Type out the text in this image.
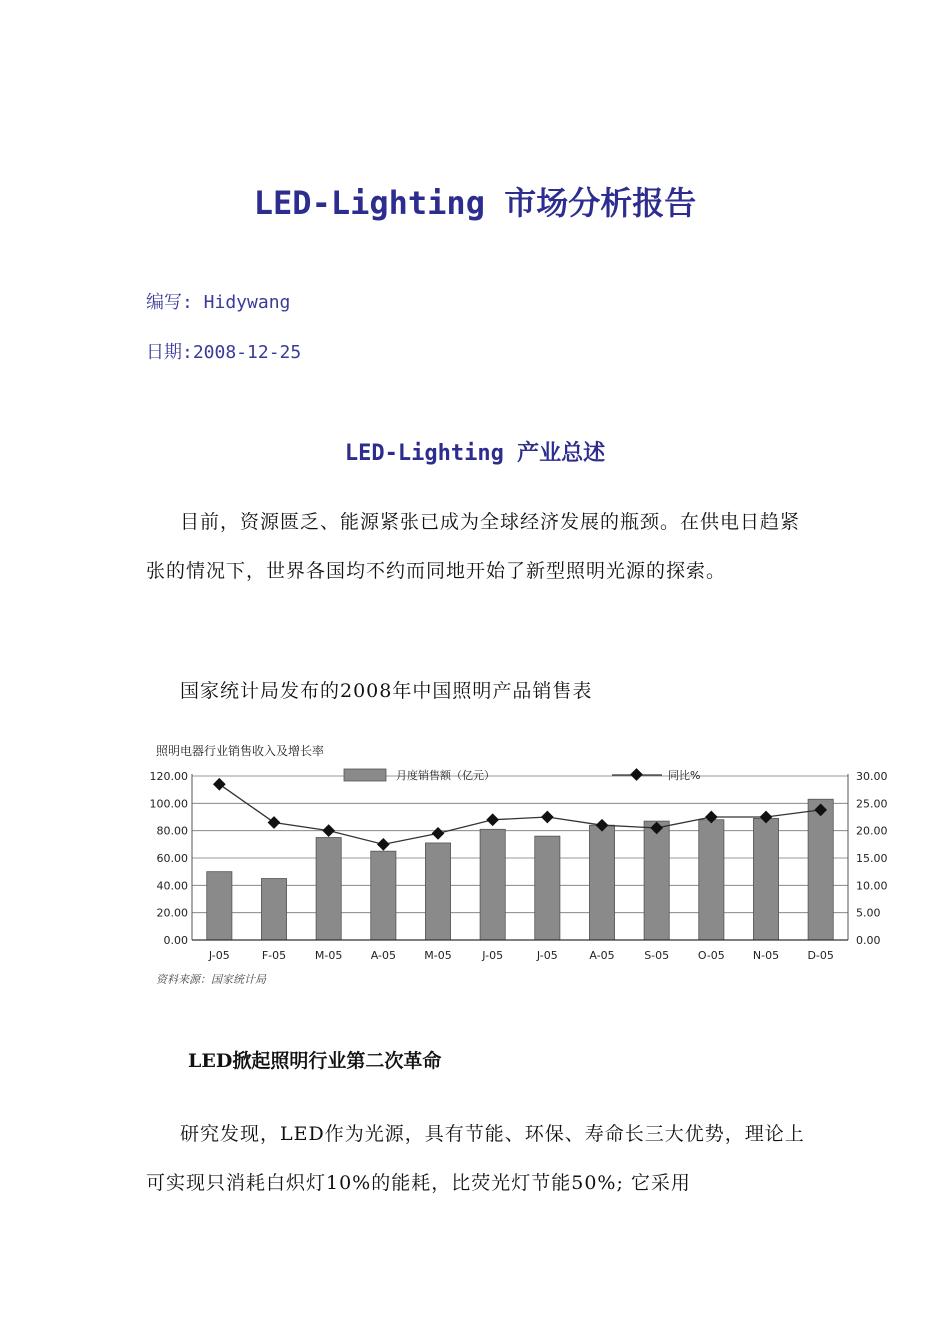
LED-Lighting 市场分析报告
编写: Hidywang
日期:2008-12-25
LED-Lighting 产业总述

目前，资源匮乏、能源紧张已成为全球经济发展的瓶颈。在供电日趋紧张的情况下，世界各国均不约而同地开始了新型照明光源的探索。

国家统计局发布的2008年中国照明产品销售表
照明电器行业销售收入及增长率
0.00
20.00
40.00
60.00
80.00
100.00
120.00
0.00
5.00
10.00
15.00
20.00
25.00
30.00
J-05	F-05	M-05	A-05	M-05	J-05	J-05	A-05	S-05	O-05	N-05	D-05
月度销售额（亿元）	同比%
资料来源：国家统计局
LED掀起照明行业第二次革命

研究发现，LED作为光源，具有节能、环保、寿命长三大优势，理论上可实现只消耗白炽灯10%的能耗，比荧光灯节能50%; 它采用
